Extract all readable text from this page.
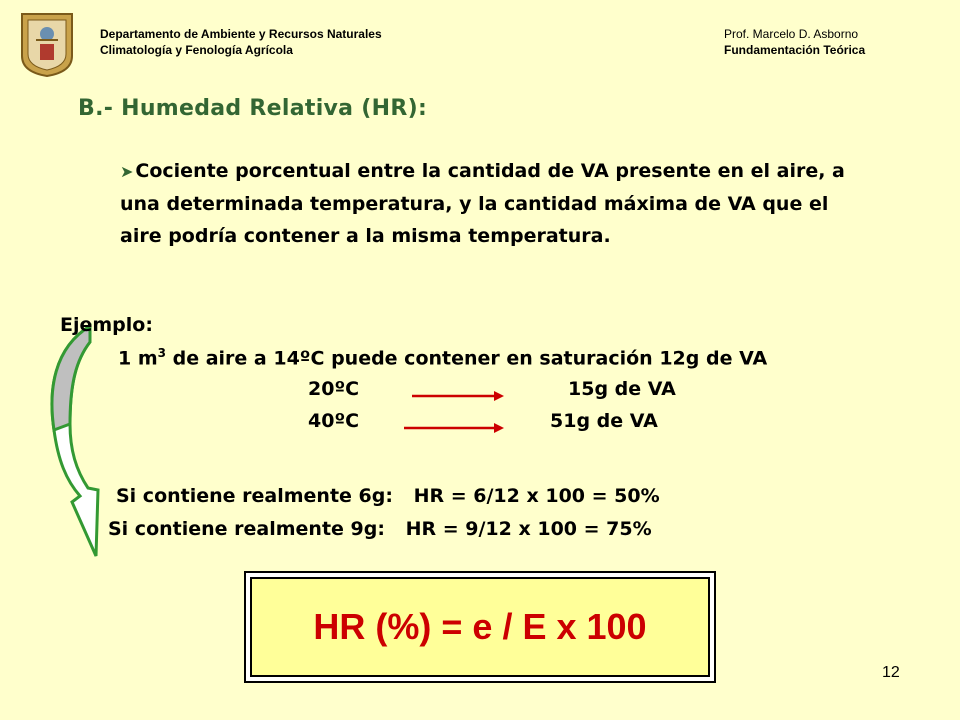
Departamento de Ambiente y Recursos Naturales
Climatología y Fenología Agrícola
Prof. Marcelo D. Asborno
Fundamentación Teórica
B.- Humedad Relativa (HR):
➤ Cociente porcentual entre la cantidad de VA presente en el aire, a una determinada temperatura, y la cantidad máxima de VA que el aire podría contener a la misma temperatura.
Ejemplo:
1 $m^3$ de aire a 14ºC puede contener en saturación 12g de VA
20ºC	15g de VA
40ºC	51g de VA
Si contiene realmente 6g: HR = 6/12 x 100 = 50%
Si contiene realmente 9g: HR = 9/12 x 100 = 75%
HR (%) = e / E x 100
12
